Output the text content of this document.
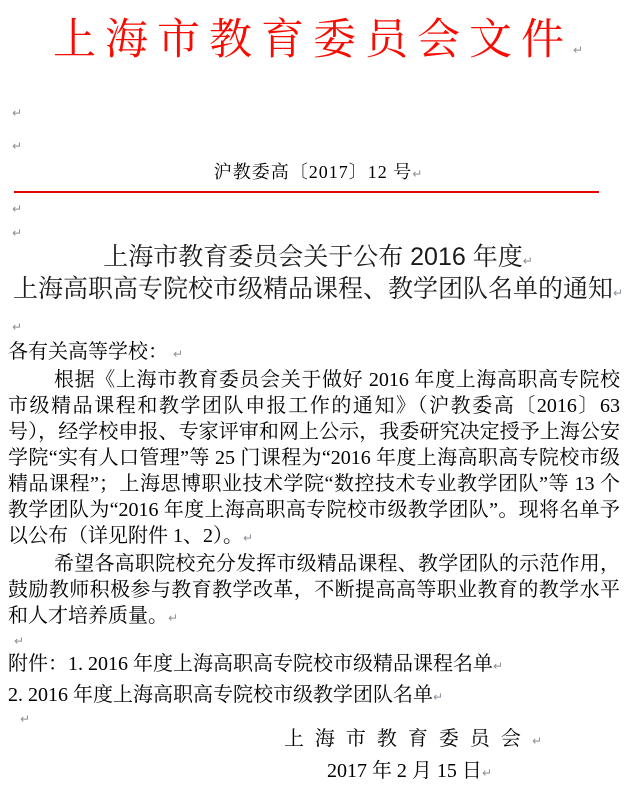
上海市教育委员会文件↵
↵
↵
沪教委高〔2017〕12 号↵
↵
↵
上海市教育委员会关于公布 2016 年度↵
上海高职高专院校市级精品课程、教学团队名单的通知↵
↵

各有关高等学校： ↵

根据《上海市教育委员会关于做好 2016 年度上海高职高专院校市级精品课程和教学团队申报工作的通知》（沪教委高〔2016〕63 号），经学校申报、专家评审和网上公示，我委研究决定授予上海公安学院“实有人口管理”等 25 门课程为“2016 年度上海高职高专院校市级精品课程”；上海思博职业技术学院“数控技术专业教学团队”等 13 个教学团队为“2016 年度上海高职高专院校市级教学团队”。现将名单予以公布（详见附件 1、2）。↵

希望各高职院校充分发挥市级精品课程、教学团队的示范作用，鼓励教师积极参与教育教学改革，不断提高高等职业教育的教学水平和人才培养质量。↵

↵

附件：1. 2016 年度上海高职高专院校市级精品课程名单↵

2. 2016 年度上海高职高专院校市级教学团队名单↵

↵

上海市教育委员会↵

2017 年 2 月 15 日↵
